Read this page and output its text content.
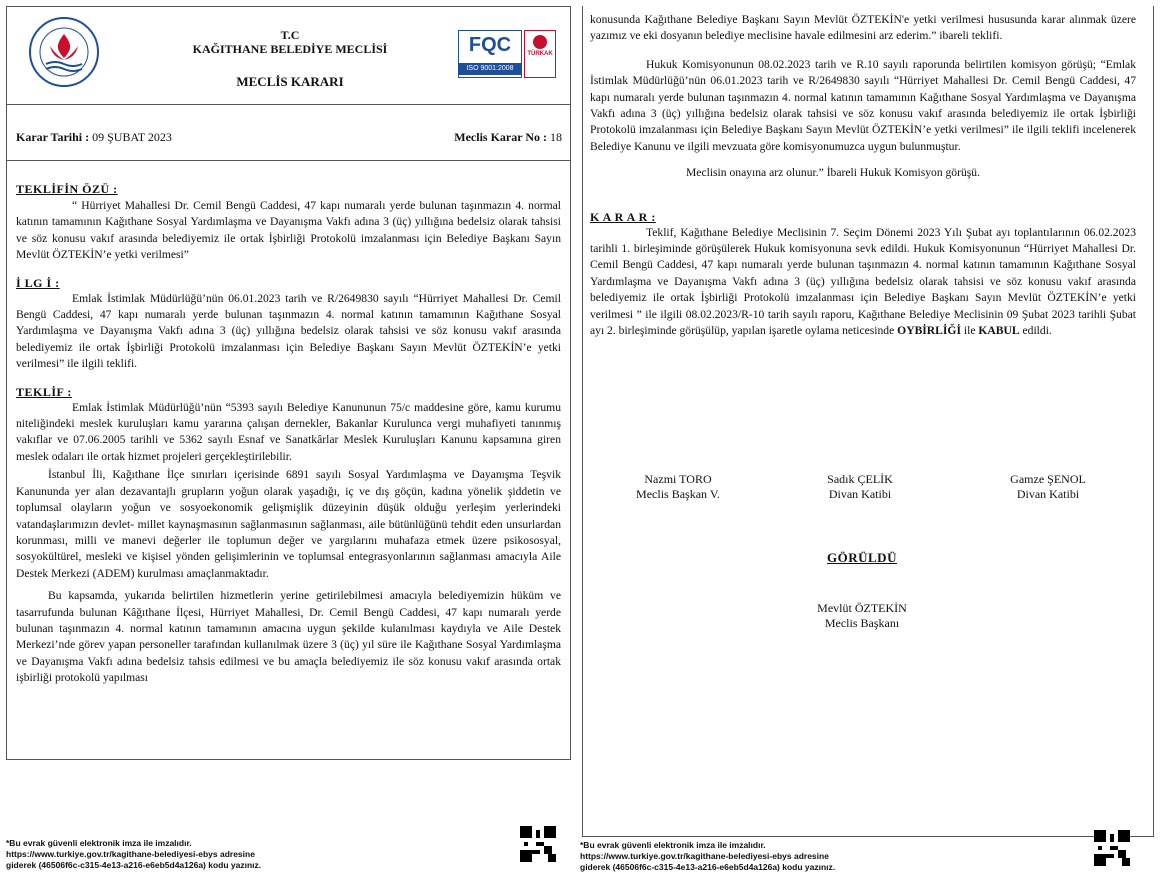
T.C
KAĞITHANE BELEDİYE MECLİSİ
MECLİS KARARI
FQC
ISO 9001:2008
TÜRKAK
Karar Tarihi : 09 ŞUBAT 2023	Meclis Karar No : 18
TEKLİFİN ÖZÜ :

“ Hürriyet Mahallesi Dr. Cemil Bengü Caddesi, 47 kapı numaralı yerde bulunan taşınmazın 4. normal katının tamamının Kağıthane Sosyal Yardımlaşma ve Dayanışma Vakfı adına 3 (üç) yıllığına bedelsiz olarak tahsisi ve söz konusu vakıf arasında belediyemiz ile ortak İşbirliği Protokolü imzalanması için Belediye Başkanı Sayın Mevlüt ÖZTEKİN’e yetki verilmesi”

İ LG İ :

Emlak İstimlak Müdürlüğü’nün 06.01.2023 tarih ve R/2649830 sayılı “Hürriyet Mahallesi Dr. Cemil Bengü Caddesi, 47 kapı numaralı yerde bulunan taşınmazın 4. normal katının tamamının Kağıthane Sosyal Yardımlaşma ve Dayanışma Vakfı adına 3 (üç) yıllığına bedelsiz olarak tahsisi ve söz konusu vakıf arasında belediyemiz ile ortak İşbirliği Protokolü imzalanması için Belediye Başkanı Sayın Mevlüt ÖZTEKİN’e yetki verilmesi” ile ilgili teklifi.

TEKLİF :

Emlak İstimlak Müdürlüğü’nün “5393 sayılı Belediye Kanununun 75/c maddesine göre, kamu kurumu niteliğindeki meslek kuruluşları kamu yararına çalışan dernekler, Bakanlar Kurulunca vergi muhafiyeti tanınmış vakıflar ve 07.06.2005 tarihli ve 5362 sayılı Esnaf ve Sanatkârlar Meslek Kuruluşları Kanunu kapsamına giren meslek odaları ile ortak hizmet projeleri gerçekleştirilebilir.

İstanbul İli, Kağıthane İlçe sınırları içerisinde 6891 sayılı Sosyal Yardımlaşma ve Dayanışma Teşvik Kanununda yer alan dezavantajlı grupların yoğun olarak yaşadığı, iç ve dış göçün, kadına yönelik şiddetin ve toplumsal olayların yoğun ve sosyoekonomik gelişmişlik düzeyinin düşük olduğu yerleşim yerlerindeki vatandaşlarımızın devlet- millet kaynaşmasının sağlanmasının sağlanması, aile bütünlüğünü tehdit eden unsurlardan korunması, milli ve manevi değerler ile toplumun değer ve yargılarını muhafaza etmek üzere psikososyal, sosyokültürel, mesleki ve kişisel yönden gelişimlerinin ve toplumsal entegrasyonlarının sağlanması amacıyla Aile Destek Merkezi (ADEM) kurulması amaçlanmaktadır.

Bu kapsamda, yukarıda belirtilen hizmetlerin yerine getirilebilmesi amacıyla belediyemizin hüküm ve tasarrufunda bulunan Kâğıthane İlçesi, Hürriyet Mahallesi, Dr. Cemil Bengü Caddesi, 47 kapı numaralı yerde bulunan taşınmazın 4. normal katının tamamının amacına uygun şekilde kulanılması kaydıyla ve Aile Destek Merkezi’nde görev yapan personeller tarafından kullanılmak üzere 3 (üç) yıl süre ile Kağıthane Sosyal Yardımlaşma ve Dayanışma Vakfı adına bedelsiz tahsis edilmesi ve bu amaçla belediyemiz ile söz konusu vakıf arasında ortak işbirliği protokolü yapılması

*Bu evrak güvenli elektronik imza ile imzalıdır.
https://www.turkiye.gov.tr/kagithane-belediyesi-ebys adresine
giderek (46506f6c-c315-4e13-a216-e6eb5d4a126a) kodu yazınız.

konusunda Kağıthane Belediye Başkanı Sayın Mevlüt ÖZTEKİN'e yetki verilmesi hususunda karar alınmak üzere yazımız ve eki dosyanın belediye meclisine havale edilmesini arz ederim.” ibareli teklifi.

Hukuk Komisyonunun 08.02.2023 tarih ve R.10 sayılı raporunda belirtilen komisyon görüşü; “Emlak İstimlak Müdürlüğü’nün 06.01.2023 tarih ve R/2649830 sayılı “Hürriyet Mahallesi Dr. Cemil Bengü Caddesi, 47 kapı numaralı yerde bulunan taşınmazın 4. normal katının tamamının Kağıthane Sosyal Yardımlaşma ve Dayanışma Vakfı adına 3 (üç) yıllığına bedelsiz olarak tahsisi ve söz konusu vakıf arasında belediyemiz ile ortak İşbirliği Protokolü imzalanması için Belediye Başkanı Sayın Mevlüt ÖZTEKİN’e yetki verilmesi” ile ilgili teklifi incelenerek Belediye Kanunu ve ilgili mevzuata göre komisyonumuzca uygun bulunmuştur.

Meclisin onayına arz olunur.” İbareli Hukuk Komisyon görüşü.

K A R A R :

Teklif, Kağıthane Belediye Meclisinin 7. Seçim Dönemi 2023 Yılı Şubat ayı toplantılarının 06.02.2023 tarihli 1. birleşiminde görüşülerek Hukuk komisyonuna sevk edildi. Hukuk Komisyonunun “Hürriyet Mahallesi Dr. Cemil Bengü Caddesi, 47 kapı numaralı yerde bulunan taşınmazın 4. normal katının tamamının Kağıthane Sosyal Yardımlaşma ve Dayanışma Vakfı adına 3 (üç) yıllığına bedelsiz olarak tahsisi ve söz konusu vakıf arasında belediyemiz ile ortak İşbirliği Protokolü imzalanması için Belediye Başkanı Sayın Mevlüt ÖZTEKİN’e yetki verilmesi ” ile ilgili 08.02.2023/R-10 tarih sayılı raporu, Kağıthane Belediye Meclisinin 09 Şubat 2023 tarihli Şubat ayı 2. birleşiminde görüşülüp, yapılan işaretle oylama neticesinde OYBİRLİĞİ ile KABUL edildi.

Nazmi TORO
Meclis Başkan V.
Sadık ÇELİK
Divan Katibi
Gamze ŞENOL
Divan Katibi
GÖRÜLDÜ
Mevlüt ÖZTEKİN
Meclis Başkanı
*Bu evrak güvenli elektronik imza ile imzalıdır.
https://www.turkiye.gov.tr/kagithane-belediyesi-ebys adresine
giderek (46506f6c-c315-4e13-a216-e6eb5d4a126a) kodu yazınız.
